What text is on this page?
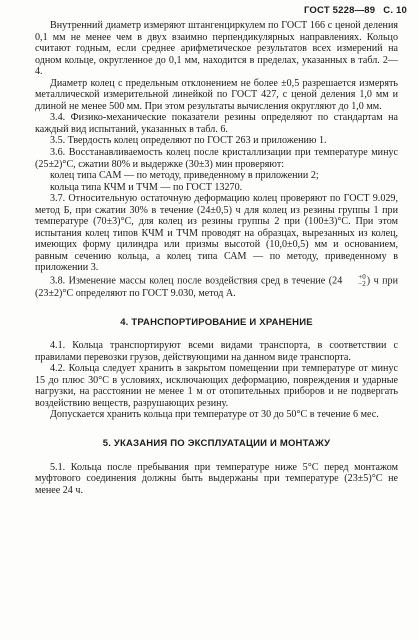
ГОСТ 5228—89 С. 10

Внутренний диаметр измеряют штангенциркулем по ГОСТ 166 с ценой деления 0,1 мм не менее чем в двух взаимно перпендикулярных направлениях. Кольцо считают годным, если среднее арифметическое результатов всех измерений на одном кольце, округленное до 0,1 мм, находится в пределах, указанных в табл. 2—4.

Диаметр колец с предельным отклонением не более ±0,5 разрешается измерять металлической измерительной линейкой по ГОСТ 427, с ценой деления 1,0 мм и длиной не менее 500 мм. При этом результаты вычисления округляют до 1,0 мм.

3.4. Физико-механические показатели резины определяют по стандартам на каждый вид испытаний, указанных в табл. 6.

3.5. Твердость колец определяют по ГОСТ 263 и приложению 1.

3.6. Восстанавливаемость колец после кристаллизации при температуре минус (25±2)°С, сжатии 80% и выдержке (30±3) мин проверяют:

колец типа САМ — по методу, приведенному в приложении 2;

кольца типа КЧМ и ТЧМ — по ГОСТ 13270.

3.7. Относительную остаточную деформацию колец проверяют по ГОСТ 9.029, метод Б, при сжатии 30% в течение (24±0,5) ч для колец из резины группы 1 при температуре (70±3)°С, для колец из резины группы 2 при (100±3)°С. При этом испытания колец типов КЧМ и ТЧМ проводят на образцах, вырезанных из колец, имеющих форму цилиндра или призмы высотой (10,0±0,5) мм и основанием, равным сечению кольца, а колец типа САМ — по методу, приведенному в приложении 3.

3.8. Изменение массы колец после воздействия сред в течение (24	+0
−2 ) ч при (23±2)°С определяют по ГОСТ 9.030, метод А.

4. ТРАНСПОРТИРОВАНИЕ И ХРАНЕНИЕ

4.1. Кольца транспортируют всеми видами транспорта, в соответствии с правилами перевозки грузов, действующими на данном виде транспорта.

4.2. Кольца следует хранить в закрытом помещении при температуре от минус 15 до плюс 30°С в условиях, исключающих деформацию, повреждения и ударные нагрузки, на расстоянии не менее 1 м от отопительных приборов и не подвергать воздействию веществ, разрушающих резину.

Допускается хранить кольца при температуре от 30 до 50°С в течение 6 мес.

5. УКАЗАНИЯ ПО ЭКСПЛУАТАЦИИ И МОНТАЖУ

5.1. Кольца после пребывания при температуре ниже 5°С перед монтажом муфтового соединения должны быть выдержаны при температуре (23±5)°С не менее 24 ч.
